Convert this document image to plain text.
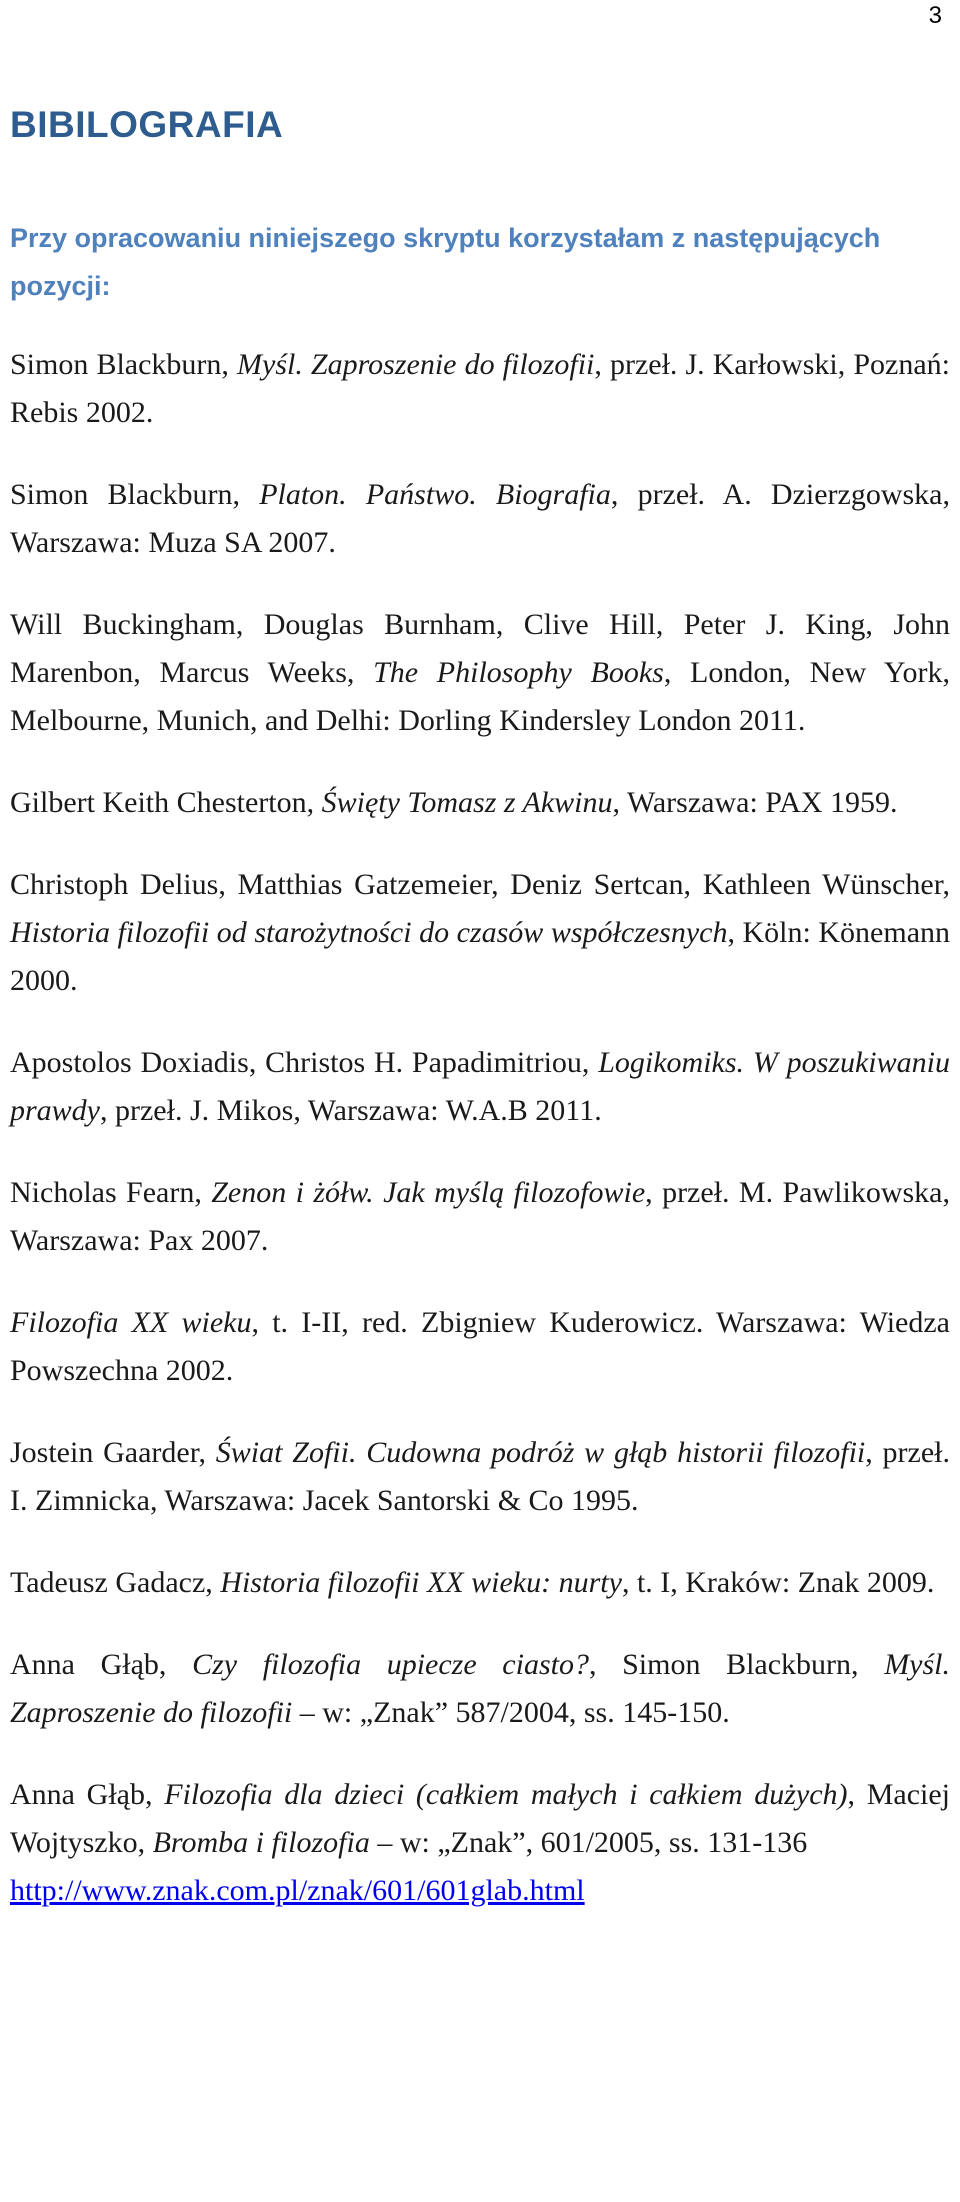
3
BIBILOGRAFIA

Przy opracowaniu niniejszego skryptu korzystałam z następujących pozycji:

Simon Blackburn, Myśl. Zaproszenie do filozofii, przeł. J. Karłowski, Poznań: Rebis 2002.

Simon Blackburn, Platon. Państwo. Biografia, przeł. A. Dzierzgowska, Warszawa: Muza SA 2007.

Will Buckingham, Douglas Burnham, Clive Hill, Peter J. King, John Marenbon, Marcus Weeks, The Philosophy Books, London, New York, Melbourne, Munich, and Delhi: Dorling Kindersley London 2011.

Gilbert Keith Chesterton, Święty Tomasz z Akwinu, Warszawa: PAX 1959.

Christoph Delius, Matthias Gatzemeier, Deniz Sertcan, Kathleen Wünscher, Historia filozofii od starożytności do czasów współczesnych, Köln: Könemann 2000.

Apostolos Doxiadis, Christos H. Papadimitriou, Logikomiks. W poszukiwaniu prawdy, przeł. J. Mikos, Warszawa: W.A.B 2011.

Nicholas Fearn, Zenon i żółw. Jak myślą filozofowie, przeł. M. Pawlikowska, Warszawa: Pax 2007.

Filozofia XX wieku, t. I-II, red. Zbigniew Kuderowicz. Warszawa: Wiedza Powszechna 2002.

Jostein Gaarder, Świat Zofii. Cudowna podróż w głąb historii filozofii, przeł. I. Zimnicka, Warszawa: Jacek Santorski & Co 1995.

Tadeusz Gadacz, Historia filozofii XX wieku: nurty, t. I, Kraków: Znak 2009.

Anna Głąb, Czy filozofia upiecze ciasto?, Simon Blackburn, Myśl. Zaproszenie do filozofii – w: „Znak” 587/2004, ss. 145-150.

Anna Głąb, Filozofia dla dzieci (całkiem małych i całkiem dużych), Maciej Wojtyszko, Bromba i filozofia – w: „Znak”, 601/2005, ss. 131-136
http://www.znak.com.pl/znak/601/601glab.html
